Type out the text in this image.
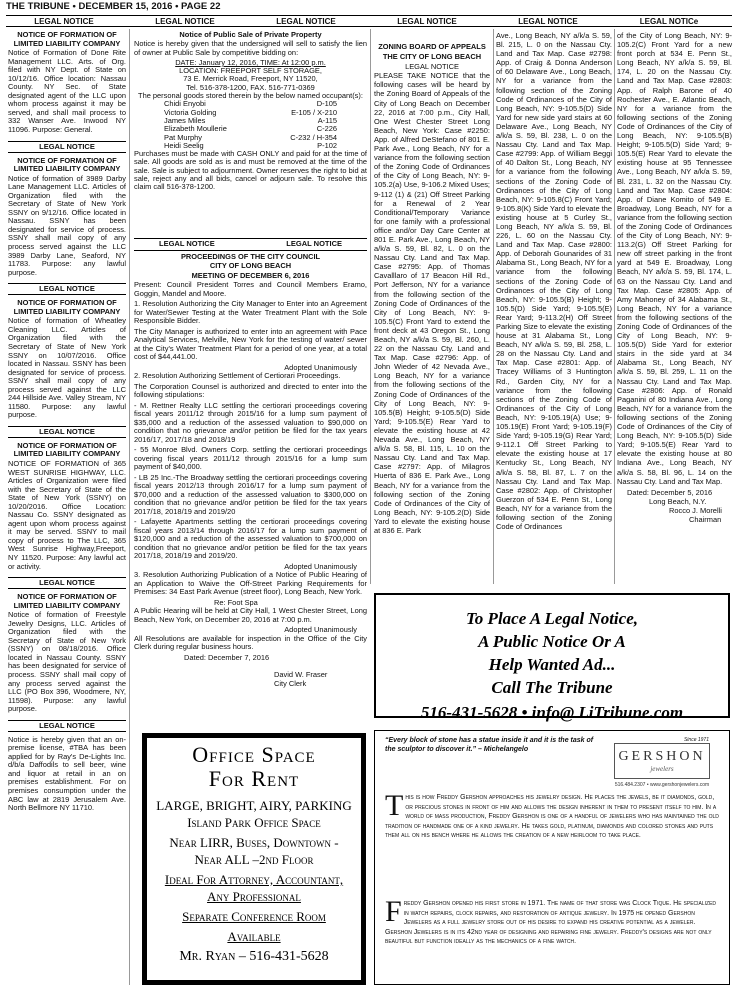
THE TRIBUNE • DECEMBER 15, 2016 • PAGE 22
LEGAL NOTICE	LEGAL NOTICE	LEGAL NOTICE	LEGAL NOTICE	LEGAL NOTICE	LEGAL NOTICe
NOTICE OF FORMATION OF LIMITED LIABILITY COMPANY

Notice of Formation of Done Rite Management LLC. Arts. of Org. filed with NY Dept. of State on 10/12/16. Office location: Nassau County. NY Sec. of State designated agent of the LLC upon whom process against it may be served, and shall mail process to 332 Wanser Ave. Inwood NY 11096. Purpose: General.

LEGAL NOTICE
NOTICE OF FORMATION OF LIMITED LIABILITY COMPANY

Notice of formation of 3989 Darby Lane Management LLC. Articles of Organization filed with the Secretary of State of New York SSNY on 9/12/16. Office located in Nassau. SSNY has been designated for service of process. SSNY shall mail copy of any process served against the LLC 3989 Darby Lane, Seaford, NY 11783. Purpose: any lawful purpose.

LEGAL NOTICE
NOTICE OF FORMATION OF LIMITED LIABILITY COMPANY

Notice of formation of Wheatley Cleaning LLC. Articles of Organization filed with the Secretary of State of New York SSNY on 10/07/2016. Office located in Nassau. SSNY has been designated for service of process. SSNY shall mail copy of any process served against the LLC 244 Hillside Ave. Valley Stream, NY 11580. Purpose: any lawful purpose.

LEGAL NOTICE
NOTICE OF FORMATION OF LIMITED LIABILITY COMPANY

NOTICE OF FORMATION of 365 WEST SUNRISE HIGHWAY, LLC. Articles of Organization were filed with the Secretary of State of the State of New York (SSNY) on 10/20/2016. Office Location: Nassau Co. SSNY designated as agent upon whom process against it may be served. SSNY to mail copy of process to The LLC, 365 West Sunrise Highway,Freeport, NY 11520. Purpose: Any lawful act or activity.

LEGAL NOTICE
NOTICE OF FORMATION OF LIMITED LIABILITY COMPANY

Notice of formation of Freestyle Jewelry Designs, LLC. Articles of Organization filed with the Secretary of State of New York (SSNY) on 08/18/2016. Office located in Nassau County. SSNY has been designated for service of process. SSNY shall mail copy of any process served against the LLC (PO Box 396, Woodmere, NY, 11598). Purpose: any lawful purpose.

LEGAL NOTICE

Notice is hereby given that an on-premise license, #TBA has been applied for by Ray's De-Lights Inc. d/b/a Daffodils to sell beer, wine and liquor at retail in an on premises establishment. For on premises consumption under the ABC law at 2819 Jerusalem Ave. North Bellmore NY 11710.

Notice of Public Sale of Private Property

Notice is hereby given that the undersigned will sell to satisfy the lien of owner at Public Sale by competitive bidding on:

DATE: January 12, 2016, TIME: At 12:00 p.m.
LOCATION: FREEPORT SELF STORAGE,
73 E. Merrick Road, Freeport, NY 11520,
Tel. 516-378-1200, FAX. 516-771-0369
The personal goods stored therein by the below named occupant(s):
Chidi Enyobi	D-105
Victoria Golding	E-105 / X-210
James Miles	A-115
Elizabeth Moullerie	C-226
Pat Murphy	C-232 / H-354
Heidi Seelig	P-102

Purchases must be made with CASH ONLY and paid for at the time of sale. All goods are sold as is and must be removed at the time of the sale. Sale is subject to adjournment. Owner reserves the right to bid at sale, reject any and all bids, cancel or adjourn sale. To resolve this claim call 516-378-1200.

LEGAL NOTICE	LEGAL NOTICE
PROCEEDINGS OF THE CITY COUNCIL
CITY OF LONG BEACH
MEETING OF DECEMBER 6, 2016

Present: Council President Torres and Council Members Eramo, Goggin, Mandel and Moore.

1. Resolution Authorizing the City Manager to Enter into an Agreement for Water/Sewer Testing at the Water Treatment Plant with the Sole Responsible Bidder.

The City Manager is authorized to enter into an agreement with Pace Analytical Services, Melville, New York for the testing of water/ sewer at the City's Water Treatment Plant for a period of one year, at a total cost of $44,441.00.

Adopted Unanimously

2. Resolution Authorizing Settlement of Certiorari Proceedings.

The Corporation Counsel is authorized and directed to enter into the following stipulations:

- M. Rettner Realty LLC settling the certiorari proceedings covering fiscal years 2011/12 through 2015/16 for a lump sum payment of $35,000 and a reduction of the assessed valuation to $90,000 on condition that no grievance and/or petition be filed for the tax years 2016/17, 2017/18 and 2018/19

- 55 Monroe Blvd. Owners Corp. settling the certiorari proceedings covering fiscal years 2011/12 through 2015/16 for a lump sum payment of $40,000.

- LB 25 Inc.-The Broadway settling the certiorari proceedings covering fiscal years 2012/13 through 2016/17 for a lump sum payment of $70,000 and a reduction of the assessed valuation to $300,000 on condition that no grievance and/or petition be filed for the tax years 2017/18, 2018/19 and 2019/20

- Lafayette Apartments settling the certiorari proceedings covering fiscal years 2013/14 through 2016/17 for a lump sum payment of $120,000 and a reduction of the assessed valuation to $700,000 on condition that no grievance and/or petition be filed for the tax years 2017/18, 2018/19 and 2019/20.

Adopted Unanimously

3. Resolution Authorizing Publication of a Notice of Public Hearing of an Application to Waive the Off-Street Parking Requirements for Premises: 34 East Park Avenue (street floor), Long Beach, New York.

Re: Foot Spa

A Public Hearing will be held at City Hall, 1 West Chester Street, Long Beach, New York, on December 20, 2016 at 7:00 p.m.

Adopted Unanimously

All Resolutions are available for inspection in the Office of the City Clerk during regular business hours.

Dated: December 7, 2016
David W. Fraser
City Clerk
ZONING BOARD OF APPEALS
THE CITY OF LONG BEACH
LEGAL NOTICE

PLEASE TAKE NOTICE that the following cases will be heard by the Zoning Board of Appeals of the City of Long Beach on December 22, 2016 at 7:00 p.m., City Hall, One West Chester Street Long Beach, New York: Case #2250: App. of Alfred DeStefano of 801 E. Park Ave., Long Beach, NY for a variance from the following section of the Zoning Code of Ordinances of the City of Long Beach, NY: 9-105.2(a) Use, 9-106.2 Mixed Uses; 9-112 (1) & (21) Off Street Parking for a Renewal of 2 Year Conditional/Temporary Variance for one family with a professional office and/or Day Care Center at 801 E. Park Ave., Long Beach, NY a/k/a S. 59, Bl. 82, L. 0 on the Nassau Cty. Land and Tax Map. Case #2795: App. of Thomas Cavalllaro of 17 Beacon Hill Rd., Port Jefferson, NY for a variance from the following section of the Zoning Code of Ordinances of the City of Long Beach, NY: 9-105.5(C) Front Yard to extend the front deck at 43 Oregon St., Long Beach, NY a/k/a S. 59, Bl. 260, L. 22 on the Nassau Cty. Land and Tax Map. Case #2796: App. of John Wieder of 42 Nevada Ave., Long Beach, NY for a variance from the following sections of the Zoning Code of Ordinances of the City of Long Beach, NY: 9-105.5(B) Height; 9-105.5(D) Side Yard; 9-105.5(E) Rear Yard to elevate the existing house at 42 Nevada Ave., Long Beach, NY a/k/a S. 58, Bl. 115, L. 10 on the Nassau Cty. Land and Tax Map. Case #2797: App. of Milagros Huerta of 836 E. Park Ave., Long Beach, NY for a variance from the following section of the Zoning Code of Ordinances of the City of Long Beach, NY: 9-105.2(D) Side Yard to elevate the existing house at 836 E. Park

Ave., Long Beach, NY a/k/a S. 59, Bl. 215, L. 0 on the Nassau Cty. Land and Tax Map. Case #2798: App. of Craig & Donna Anderson of 60 Delaware Ave., Long Beach, NY for a variance from the following section of the Zoning Code of Ordinances of the City of Long Beach, NY: 9-105.5(D) Side Yard for new side yard stairs at 60 Delaware Ave., Long Beach, NY a/k/a S. 59, Bl. 238, L. 0 on the Nassau Cty. Land and Tax Map. Case #2799: App. of William Beggi of 40 Dalton St., Long Beach, NY for a variance from the following sections of the Zoning Code of Ordinances of the City of Long Beach, NY: 9-105.8(C) Front Yard; 9-105.8(K) Side Yard to elevate the existing house at 5 Curley St., Long Beach, NY a/k/a S. 59, Bl. 226, L. 60 on the Nassau Cty. Land and Tax Map. Case #2800: App. of Deborah Gounarides of 31 Alabama St., Long Beach, NY for a variance from the following sections of the Zoning Code of Ordinances of the City of Long Beach, NY: 9-105.5(B) Height; 9-105.5(D) Side Yard; 9-105.5(E) Rear Yard; 9-113.2(H) Off Street Parking Size to elevate the existing house at 31 Alabama St., Long Beach, NY a/k/a S. 59, Bl. 258, L. 28 on the Nassau Cty. Land and Tax Map. Case #2801: App. of Tracey Williams of 3 Huntington Rd., Garden City, NY for a variance from the following sections of the Zoning Code of Ordinances of the City of Long Beach, NY: 9-105.19(A) Use; 9-105.19(E) Front Yard; 9-105.19(F) Side Yard; 9-105.19(G) Rear Yard; 9-112.1 Off Street Parking to elevate the existing house at 17 Kentucky St., Long Beach, NY a/k/a S. 58, Bl. 87, L. 7 on the Nassau Cty. Land and Tax Map. Case #2802: App. of Christopher Guerzon of 534 E. Penn St., Long Beach, NY for a variance from the following section of the Zoning Code of Ordinances

of the City of Long Beach, NY: 9-105.2(C) Front Yard for a new front porch at 534 E. Penn St., Long Beach, NY a/k/a S. 59, Bl. 174, L. 20 on the Nassau Cty. Land and Tax Map. Case #2803: App. of Ralph Barone of 40 Rochester Ave., E. Atlantic Beach, NY for a variance from the following sections of the Zoning Code of Ordinances of the City of Long Beach, NY: 9-105.5(B) Height; 9-105.5(D) Side Yard; 9-105.5(E) Rear Yard to elevate the existing house at 95 Tennessee Ave., Long Beach, NY a/k/a S. 59, Bl. 231, L. 32 on the Nassau Cty. Land and Tax Map. Case #2804: App. of Diane Komito of 549 E. Broadway, Long Beach, NY for a variance from the following section of the Zoning Code of Ordinances of the City of Long Beach, NY: 9-113.2(G) Off Street Parking for new off street parking in the front yard at 549 E. Broadway, Long Beach, NY a/k/a S. 59, Bl. 174, L. 63 on the Nassau Cty. Land and Tax Map. Case #2805: App. of Amy Mahoney of 34 Alabama St., Long Beach, NY for a variance from the following sections of the Zoning Code of Ordinances of the City of Long Beach, NY: 9-105.5(D) Side Yard for exterior stairs in the side yard at 34 Alabama St., Long Beach, NY a/k/a S. 59, Bl. 259, L. 11 on the Nassau Cty. Land and Tax Map. Case #2806: App. of Ronald Paganini of 80 Indiana Ave., Long Beach, NY for a variance from the following sections of the Zoning Code of Ordinances of the City of Long Beach, NY: 9-105.5(D) Side Yard; 9-105.5(E) Rear Yard to elevate the existing house at 80 Indiana Ave., Long Beach, NY a/k/a S. 58, Bl. 96, L. 14 on the Nassau Cty. Land and Tax Map.

Dated: December 5, 2016
Long Beach, N.Y.
Rocco J. Morelli
Chairman
To Place A Legal Notice,
A Public Notice Or A
Help Wanted Ad...
Call The Tribune
516-431-5628 • info@ LiTribune.com
Office Space
For Rent
LARGE, BRIGHT, AIRY, PARKING
Island Park Office Space
Near LIRR, Buses, Downtown -
Near ALL –2nd Floor
Ideal For Attorney, Accountant,
Any Professional
Separate Conference Room
Available
Mr. Ryan – 516-431-5628
“Every block of stone has a statue inside it and it is the task of the sculptor to discover it.” – Michelangelo
Since 1971
GERSHON
jewelers
516.484.2307 • www.gershonjewelers.com
This is how Freddy Gershon approaches his jewelry design. He places the jewels, be it diamonds, gold, or precious stones in front of him and allows the design inherent in them to present itself to him. In a world of mass production, Freddy Gershon is one of a handful of jewelers who has maintained the old tradition of handmade one of a kind jewelry. He takes gold, platinum, diamonds and colored stones and puts them all on his bench where he allows the creation of a new heirloom to take place.
Freddy Gershon opened his first store in 1971. The name of that store was Clock Tique. He specialized in watch repairs, clock repairs, and restoration of antique jewelry. In 1975 he opened Gershon Jewelers as a full jewelry store out of his desire to expand his creative potential as a jeweler. Gershon Jewelers is in its 42nd year of designing and repairing fine jewelry. Freddy's designs are not only beautiful but function ideally as the mechanics of a fine watch.
